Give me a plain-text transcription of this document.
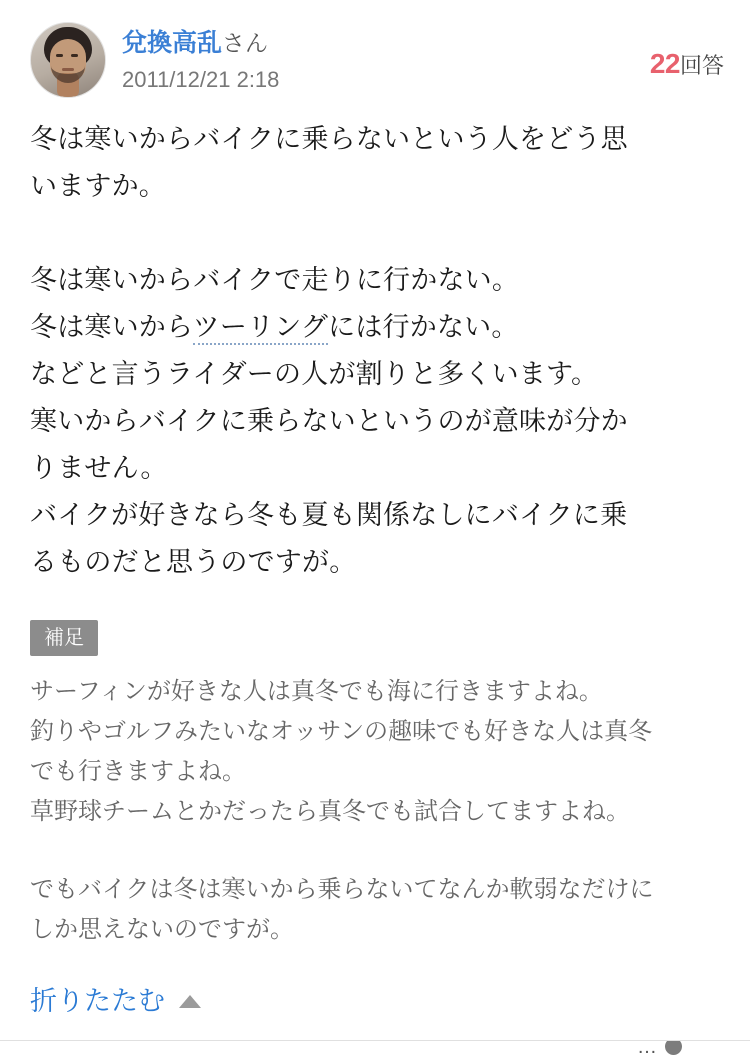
兌換高乱さん
2011/12/21 2:18
22回答

冬は寒いからバイクに乗らないという人をどう思

いますか。

冬は寒いからバイクで走りに行かない。

冬は寒いからツーリングには行かない。

などと言うライダーの人が割りと多くいます。

寒いからバイクに乗らないというのが意味が分か

りません。

バイクが好きなら冬も夏も関係なしにバイクに乗

るものだと思うのですが。

補足

サーフィンが好きな人は真冬でも海に行きますよね。

釣りやゴルフみたいなオッサンの趣味でも好きな人は真冬

でも行きますよね。

草野球チームとかだったら真冬でも試合してますよね。

でもバイクは冬は寒いから乗らないてなんか軟弱なだけに

しか思えないのですが。

折りたたむ
…
